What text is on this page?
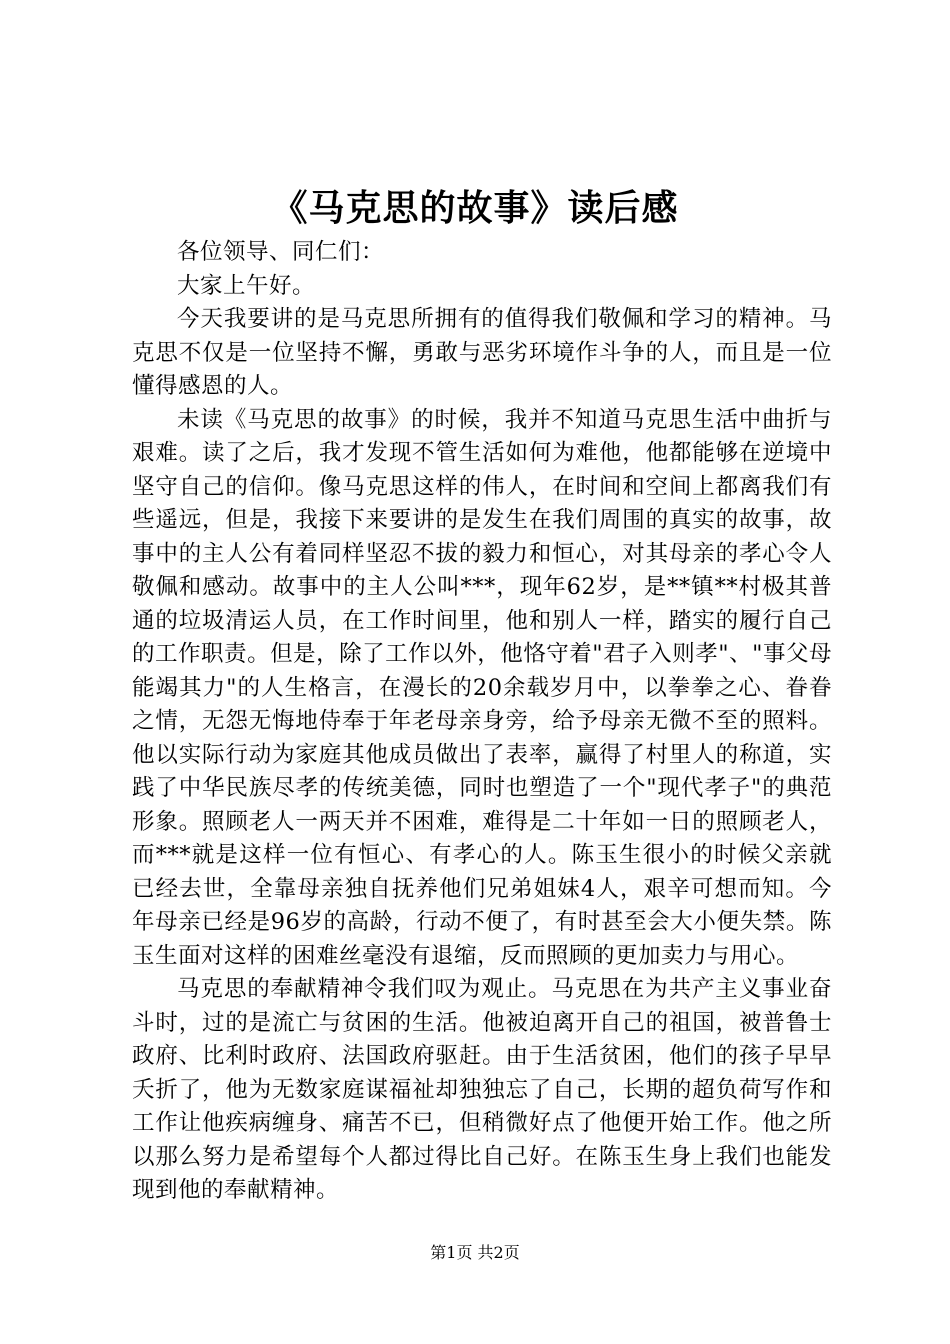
《马克思的故事》读后感

各位领导、同仁们：

大家上午好。

今天我要讲的是马克思所拥有的值得我们敬佩和学习的精神。马克思不仅是一位坚持不懈，勇敢与恶劣环境作斗争的人，而且是一位懂得感恩的人。

未读《马克思的故事》的时候，我并不知道马克思生活中曲折与艰难。读了之后，我才发现不管生活如何为难他，他都能够在逆境中坚守自己的信仰。像马克思这样的伟人，在时间和空间上都离我们有些遥远，但是，我接下来要讲的是发生在我们周围的真实的故事，故事中的主人公有着同样坚忍不拔的毅力和恒心，对其母亲的孝心令人敬佩和感动。故事中的主人公叫***，现年62岁，是**镇**村极其普通的垃圾清运人员，在工作时间里，他和别人一样，踏实的履行自己的工作职责。但是，除了工作以外，他恪守着"君子入则孝"、"事父母能竭其力"的人生格言，在漫长的20余载岁月中，以拳拳之心、眷眷之情，无怨无悔地侍奉于年老母亲身旁，给予母亲无微不至的照料。他以实际行动为家庭其他成员做出了表率，赢得了村里人的称道，实践了中华民族尽孝的传统美德，同时也塑造了一个"现代孝子"的典范形象。照顾老人一两天并不困难，难得是二十年如一日的照顾老人，而***就是这样一位有恒心、有孝心的人。陈玉生很小的时候父亲就已经去世，全靠母亲独自抚养他们兄弟姐妹4人，艰辛可想而知。今年母亲已经是96岁的高龄，行动不便了，有时甚至会大小便失禁。陈玉生面对这样的困难丝毫没有退缩，反而照顾的更加卖力与用心。

马克思的奉献精神令我们叹为观止。马克思在为共产主义事业奋斗时，过的是流亡与贫困的生活。他被迫离开自己的祖国，被普鲁士政府、比利时政府、法国政府驱赶。由于生活贫困，他们的孩子早早夭折了，他为无数家庭谋福祉却独独忘了自己，长期的超负荷写作和工作让他疾病缠身、痛苦不已，但稍微好点了他便开始工作。他之所以那么努力是希望每个人都过得比自己好。在陈玉生身上我们也能发现到他的奉献精神。

第1页 共2页
